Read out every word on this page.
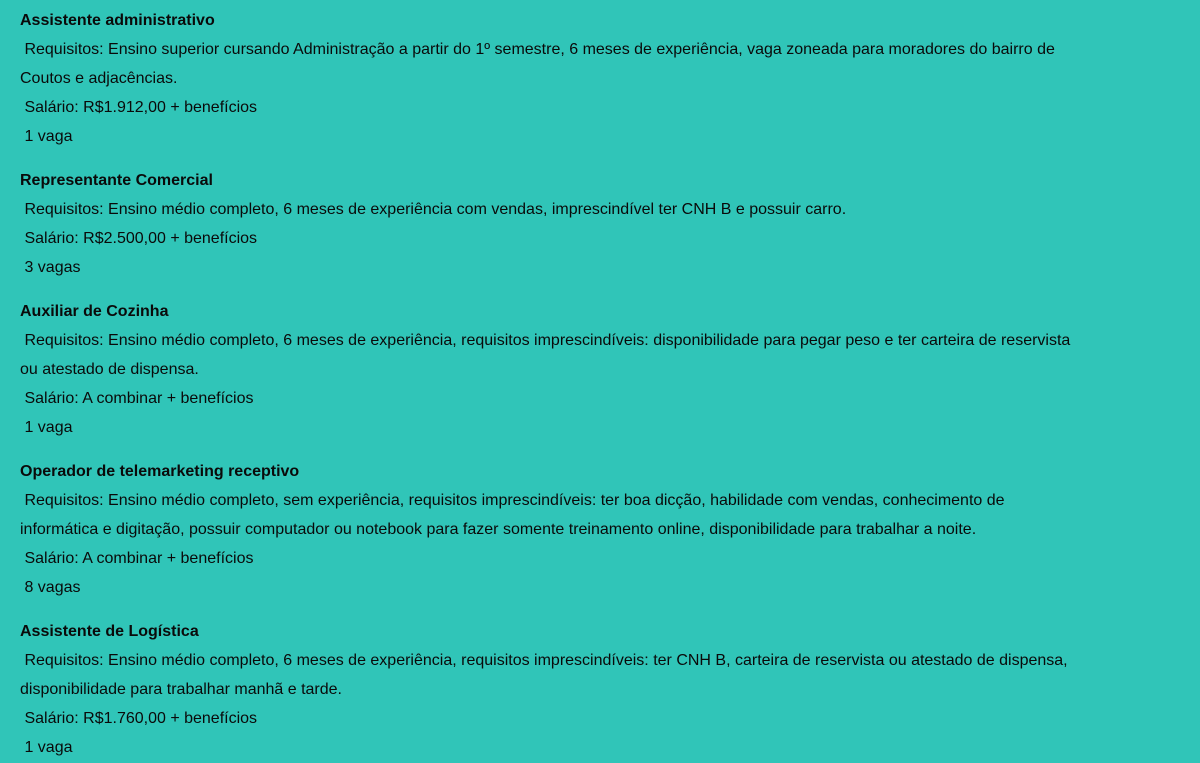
Assistente administrativo
Requisitos: Ensino superior cursando Administração a partir do 1º semestre, 6 meses de experiência, vaga zoneada para moradores do bairro de Coutos e adjacências.
Salário: R$1.912,00 + benefícios
1 vaga
Representante Comercial
Requisitos: Ensino médio completo, 6 meses de experiência com vendas, imprescindível ter CNH B e possuir carro.
Salário: R$2.500,00 + benefícios
3 vagas
Auxiliar de Cozinha
Requisitos: Ensino médio completo, 6 meses de experiência, requisitos imprescindíveis: disponibilidade para pegar peso e ter carteira de reservista ou atestado de dispensa.
Salário: A combinar + benefícios
1 vaga
Operador de telemarketing receptivo
Requisitos: Ensino médio completo, sem experiência, requisitos imprescindíveis: ter boa dicção, habilidade com vendas, conhecimento de informática e digitação, possuir computador ou notebook para fazer somente treinamento online, disponibilidade para trabalhar a noite.
Salário: A combinar + benefícios
8 vagas
Assistente de Logística
Requisitos: Ensino médio completo, 6 meses de experiência, requisitos imprescindíveis: ter CNH B, carteira de reservista ou atestado de dispensa, disponibilidade para trabalhar manhã e tarde.
Salário: R$1.760,00 + benefícios
1 vaga
